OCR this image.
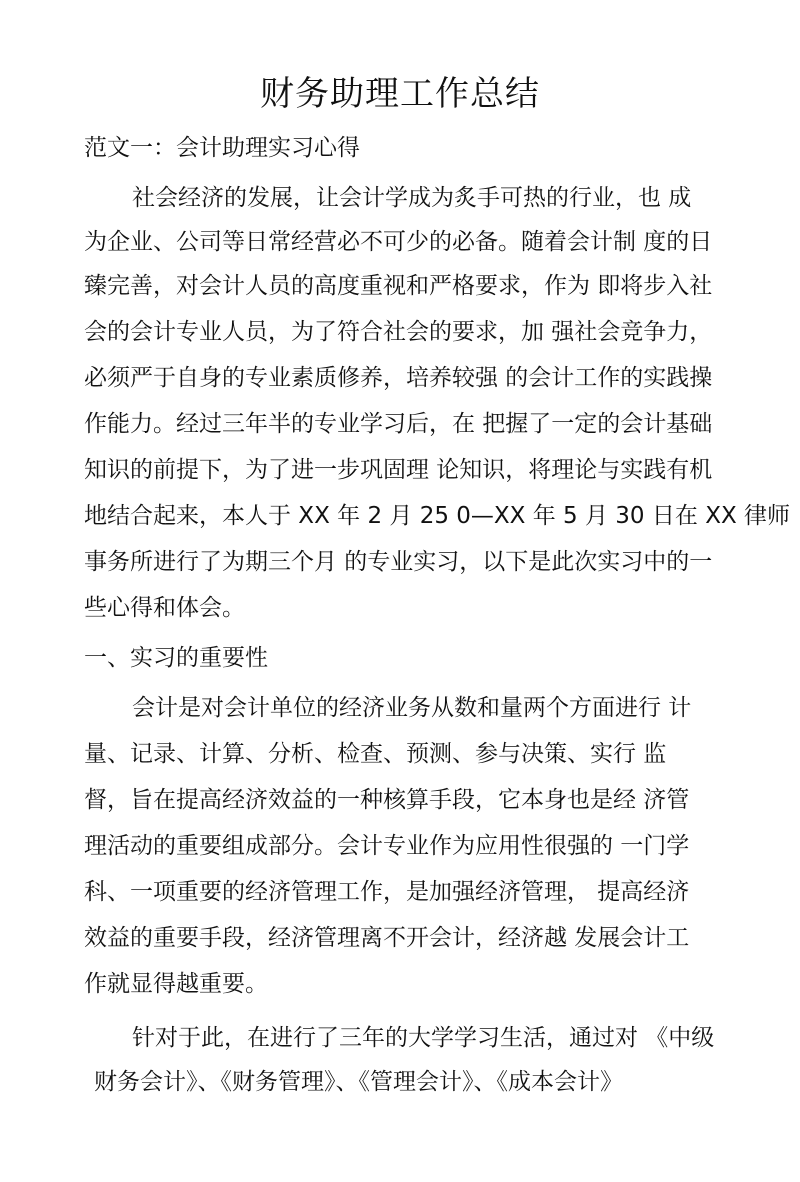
财务助理工作总结

范文一：会计助理实习心得

社会经济的发展，让会计学成为炙手可热的行业，也 成

为企业、公司等日常经营必不可少的必备。随着会计制 度的日

臻完善，对会计人员的高度重视和严格要求，作为 即将步入社

会的会计专业人员，为了符合社会的要求，加 强社会竞争力，

必须严于自身的专业素质修养，培养较强 的会计工作的实践操

作能力。经过三年半的专业学习后，在 把握了一定的会计基础

知识的前提下，为了进一步巩固理 论知识，将理论与实践有机

地结合起来，本人于 XX 年 2 月 25 0—XX 年 5 月 30 日在 XX 律师

事务所进行了为期三个月 的专业实习，以下是此次实习中的一

些心得和体会。

一、实习的重要性

会计是对会计单位的经济业务从数和量两个方面进行 计

量、记录、计算、分析、检查、预测、参与决策、实行 监

督，旨在提高经济效益的一种核算手段，它本身也是经 济管

理活动的重要组成部分。会计专业作为应用性很强的 一门学

科、一项重要的经济管理工作，是加强经济管理， 提高经济

效益的重要手段，经济管理离不开会计，经济越 发展会计工

作就显得越重要。

针对于此，在进行了三年的大学学习生活，通过对 《中级

财务会计》、《财务管理》、《管理会计》、《成本会计》
